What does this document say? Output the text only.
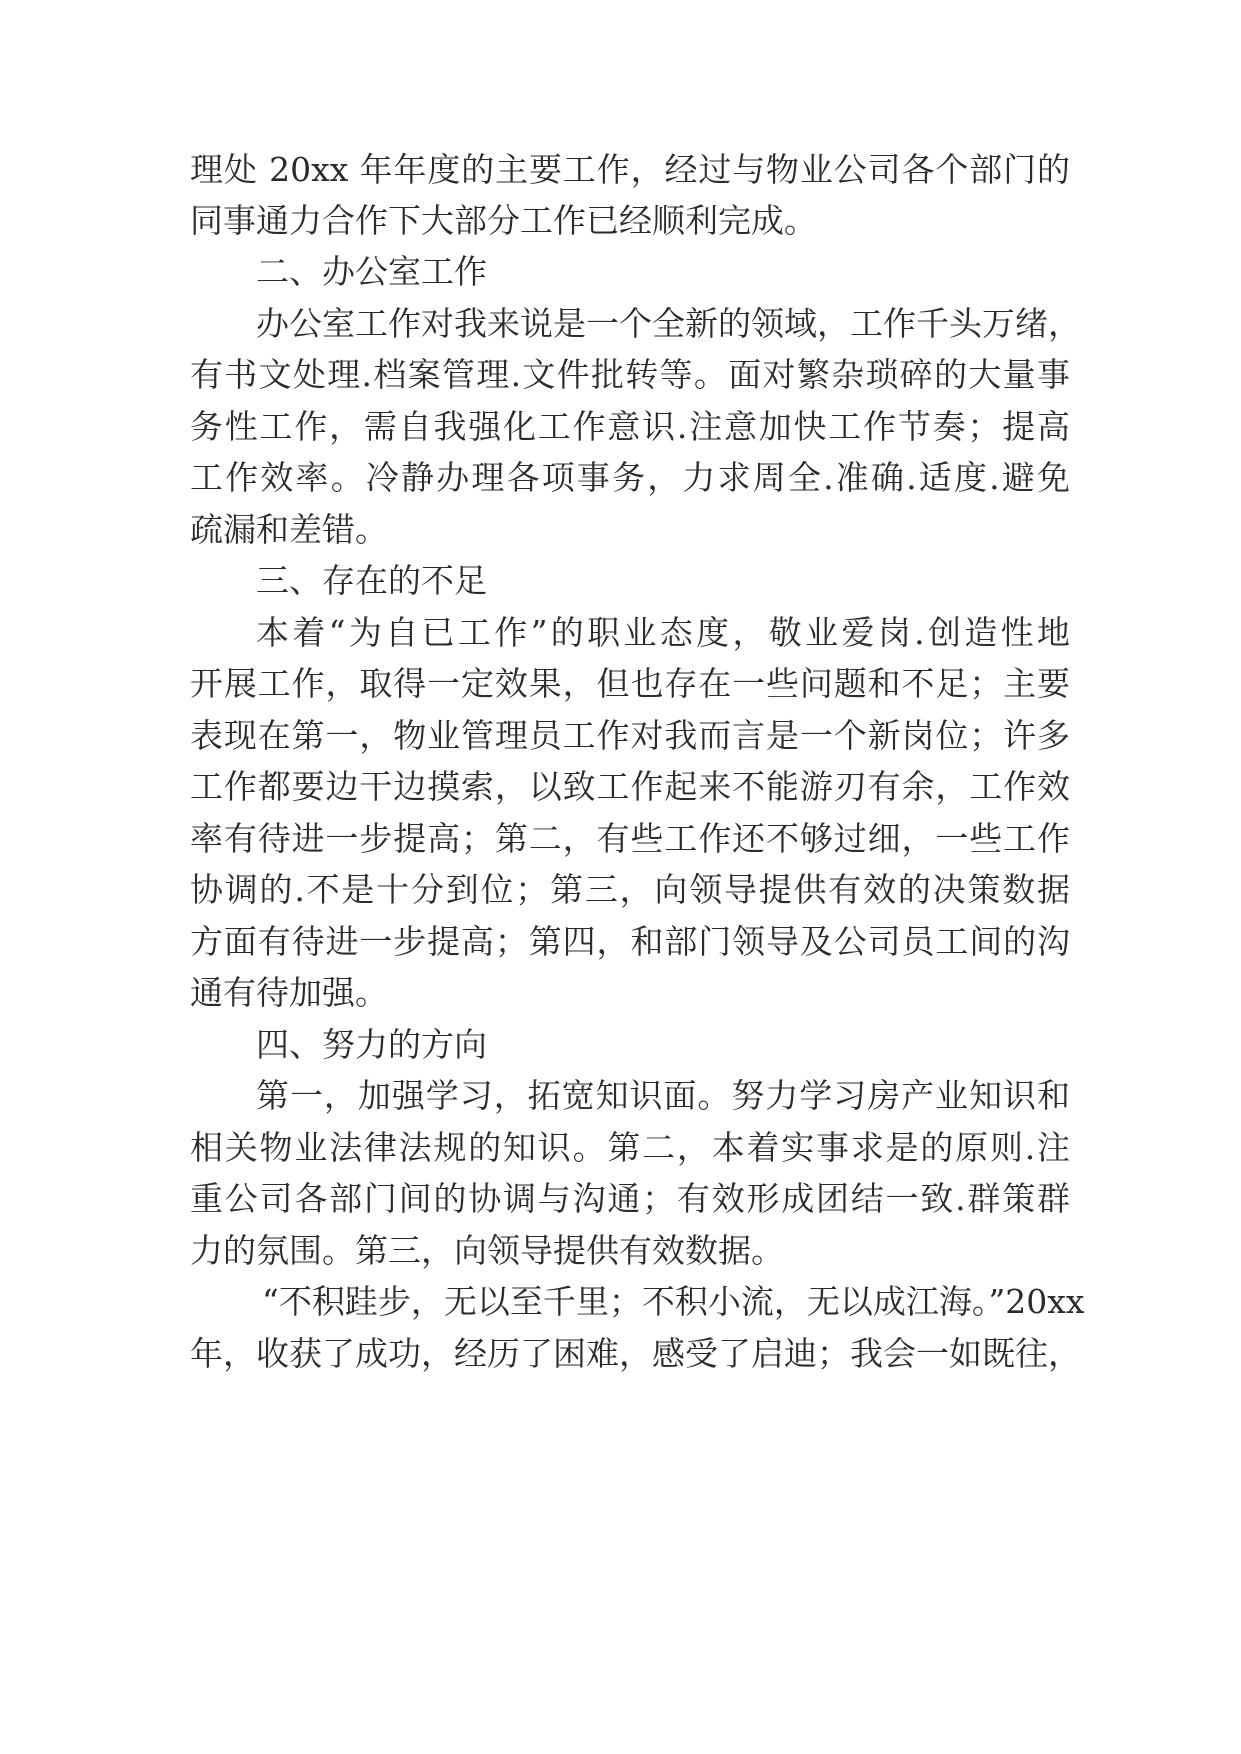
理处 20xx 年年度的主要工作，经过与物业公司各个部门的

同事通力合作下大部分工作已经顺利完成。

二、办公室工作

办公室工作对我来说是一个全新的领域，工作千头万绪，

有书文处理.档案管理.文件批转等。面对繁杂琐碎的大量事

务性工作，需自我强化工作意识.注意加快工作节奏；提高

工作效率。冷静办理各项事务，力求周全.准确.适度.避免

疏漏和差错。

三、存在的不足

本着“为自已工作”的职业态度，敬业爱岗.创造性地

开展工作，取得一定效果，但也存在一些问题和不足；主要

表现在第一，物业管理员工作对我而言是一个新岗位；许多

工作都要边干边摸索，以致工作起来不能游刃有余，工作效

率有待进一步提高；第二，有些工作还不够过细，一些工作

协调的.不是十分到位；第三，向领导提供有效的决策数据

方面有待进一步提高；第四，和部门领导及公司员工间的沟

通有待加强。

四、努力的方向

第一，加强学习，拓宽知识面。努力学习房产业知识和

相关物业法律法规的知识。第二，本着实事求是的原则.注

重公司各部门间的协调与沟通；有效形成团结一致.群策群

力的氛围。第三，向领导提供有效数据。

“不积跬步，无以至千里；不积小流，无以成江海。”20xx

年，收获了成功，经历了困难，感受了启迪；我会一如既往，
